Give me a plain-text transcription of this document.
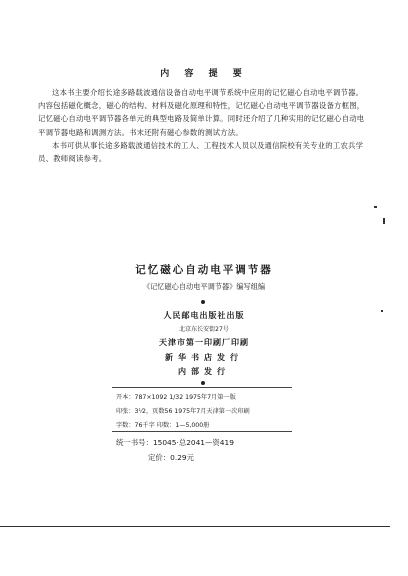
内 容 提 要

这本书主要介绍长途多路载波通信设备自动电平调节系统中应用的记忆磁心自动电平调节器。内容包括磁化概念，磁心的结构、材料及磁化原理和特性，记忆磁心自动电平调节器设备方框图，记忆磁心自动电平调节器各单元的典型电路及简单计算。同时还介绍了几种实用的记忆磁心自动电平调节器电路和调测方法。书末还附有磁心参数的测试方法。

本书可供从事长途多路载波通信技术的工人、工程技术人员以及通信院校有关专业的工农兵学员、教师阅读参考。

记忆磁心自动电平调节器
《记忆磁心自动电平调节器》编写组编
人民邮电出版社出版
北京东长安街27号
天津市第一印刷厂印刷
新华书店发行
内部发行
开本：787×1092 1/32 1975年7月第一版
印张：3⅟2，页数56 1975年7月天津第一次印刷
字数：76千字 印数：1—5,000册
统一书号：15045·总2041—资419
定价：0.29元
